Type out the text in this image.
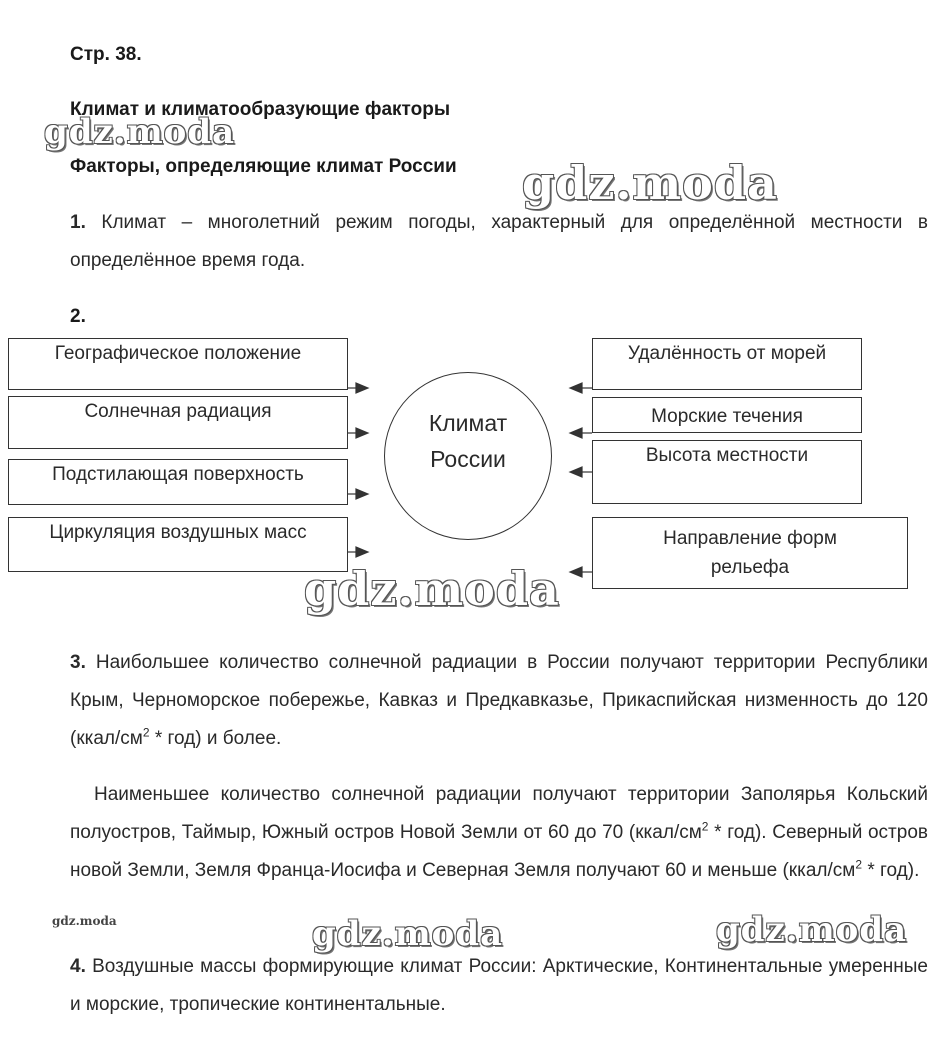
Стр. 38.
Климат и климатообразующие факторы
Факторы, определяющие климат России
1. Климат – многолетний режим погоды, характерный для определённой местности в определённое время года.
2.
Географическое положение
Солнечная радиация
Подстилающая поверхность
Циркуляция воздушных масс
Удалённость от морей
Морские течения
Высота местности
Направление форм рельефа
Климат
России
3. Наибольшее количество солнечной радиации в России получают территории Республики Крым, Черноморское побережье, Кавказ и Предкавказье, Прикаспийская низменность до 120 $(ккал/см^2 * год)$ и более.
Наименьшее количество солнечной радиации получают территории Заполярья Кольский полуостров, Таймыр, Южный остров Новой Земли от 60 до 70 $(ккал/см^2 * год)$. Северный остров новой Земли, Земля Франца-Иосифа и Северная Земля получают 60 и меньше $(ккал/см^2 * год)$.
4. Воздушные массы формирующие климат России: Арктические, Континентальные умеренные и морские, тропические континентальные.
gdz.moda
gdz.moda
gdz.moda
gdz.moda	gdz.moda	gdz.moda
